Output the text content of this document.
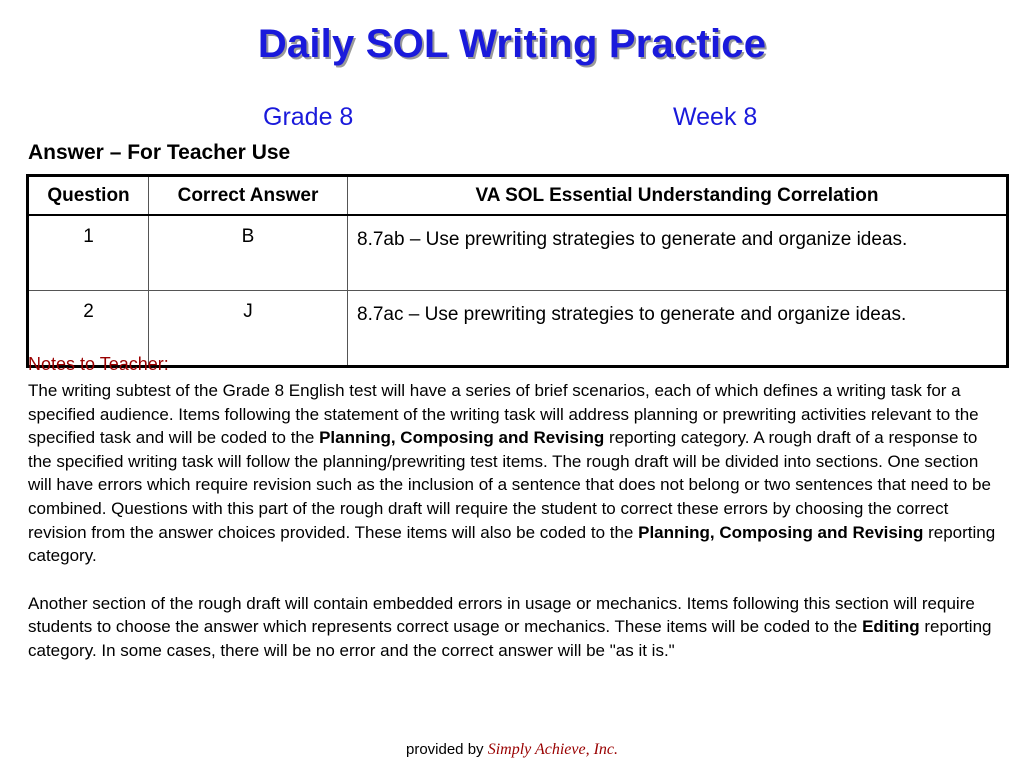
Daily SOL Writing Practice
Grade 8	Week 8
Answer – For Teacher Use
Question	Correct Answer	VA SOL Essential Understanding Correlation
1	B	8.7ab – Use prewriting strategies to generate and organize ideas.
2	J	8.7ac – Use prewriting strategies to generate and organize ideas.
Notes to Teacher:

The writing subtest of the Grade 8 English test will have a series of brief scenarios, each of which defines a writing task for a specified audience. Items following the statement of the writing task will address planning or prewriting activities relevant to the specified task and will be coded to the Planning, Composing and Revising reporting category. A rough draft of a response to the specified writing task will follow the planning/prewriting test items. The rough draft will be divided into sections. One section will have errors which require revision such as the inclusion of a sentence that does not belong or two sentences that need to be combined. Questions with this part of the rough draft will require the student to correct these errors by choosing the correct revision from the answer choices provided. These items will also be coded to the Planning, Composing and Revising reporting category.

Another section of the rough draft will contain embedded errors in usage or mechanics. Items following this section will require students to choose the answer which represents correct usage or mechanics. These items will be coded to the Editing reporting category. In some cases, there will be no error and the correct answer will be "as it is."

provided by Simply Achieve, Inc.
